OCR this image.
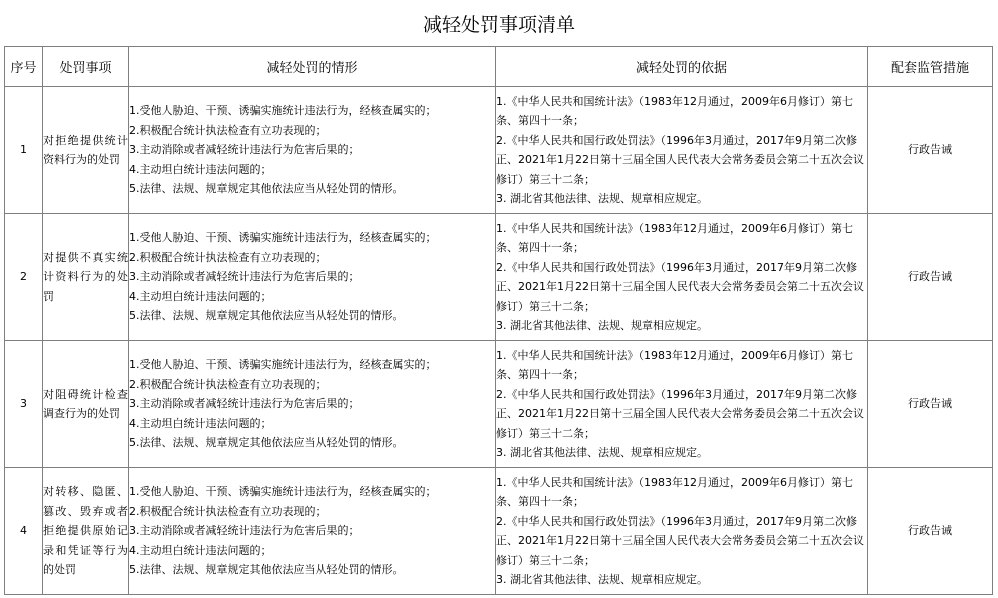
减轻处罚事项清单
序号	处罚事项	减轻处罚的情形	减轻处罚的依据	配套监管措施
1	对拒绝提供统计资料行为的处罚	1.受他人胁迫、干预、诱骗实施统计违法行为，经核查属实的；
2.积极配合统计执法检查有立功表现的；
3.主动消除或者减轻统计违法行为危害后果的；
4.主动坦白统计违法问题的；
5.法律、法规、规章规定其他依法应当从轻处罚的情形。	1.《中华人民共和国统计法》（1983年12月通过，2009年6月修订）第七条、第四十一条；
2.《中华人民共和国行政处罚法》（1996年3月通过，2017年9月第二次修正、2021年1月22日第十三届全国人民代表大会常务委员会第二十五次会议修订）第三十二条；
3. 湖北省其他法律、法规、规章相应规定。	行政告诫
2	对提供不真实统计资料行为的处罚	1.受他人胁迫、干预、诱骗实施统计违法行为，经核查属实的；
2.积极配合统计执法检查有立功表现的；
3.主动消除或者减轻统计违法行为危害后果的；
4.主动坦白统计违法问题的；
5.法律、法规、规章规定其他依法应当从轻处罚的情形。	1.《中华人民共和国统计法》（1983年12月通过，2009年6月修订）第七条、第四十一条；
2.《中华人民共和国行政处罚法》（1996年3月通过，2017年9月第二次修正、2021年1月22日第十三届全国人民代表大会常务委员会第二十五次会议修订）第三十二条；
3. 湖北省其他法律、法规、规章相应规定。	行政告诫
3	对阻碍统计检查调查行为的处罚	1.受他人胁迫、干预、诱骗实施统计违法行为，经核查属实的；
2.积极配合统计执法检查有立功表现的；
3.主动消除或者减轻统计违法行为危害后果的；
4.主动坦白统计违法问题的；
5.法律、法规、规章规定其他依法应当从轻处罚的情形。	1.《中华人民共和国统计法》（1983年12月通过，2009年6月修订）第七条、第四十一条；
2.《中华人民共和国行政处罚法》（1996年3月通过，2017年9月第二次修正、2021年1月22日第十三届全国人民代表大会常务委员会第二十五次会议修订）第三十二条；
3. 湖北省其他法律、法规、规章相应规定。	行政告诫
4	对转移、隐匿、篡改、毁弃或者拒绝提供原始记录和凭证等行为的处罚	1.受他人胁迫、干预、诱骗实施统计违法行为，经核查属实的；
2.积极配合统计执法检查有立功表现的；
3.主动消除或者减轻统计违法行为危害后果的；
4.主动坦白统计违法问题的；
5.法律、法规、规章规定其他依法应当从轻处罚的情形。	1.《中华人民共和国统计法》（1983年12月通过，2009年6月修订）第七条、第四十一条；
2.《中华人民共和国行政处罚法》（1996年3月通过，2017年9月第二次修正、2021年1月22日第十三届全国人民代表大会常务委员会第二十五次会议修订）第三十二条；
3. 湖北省其他法律、法规、规章相应规定。	行政告诫
